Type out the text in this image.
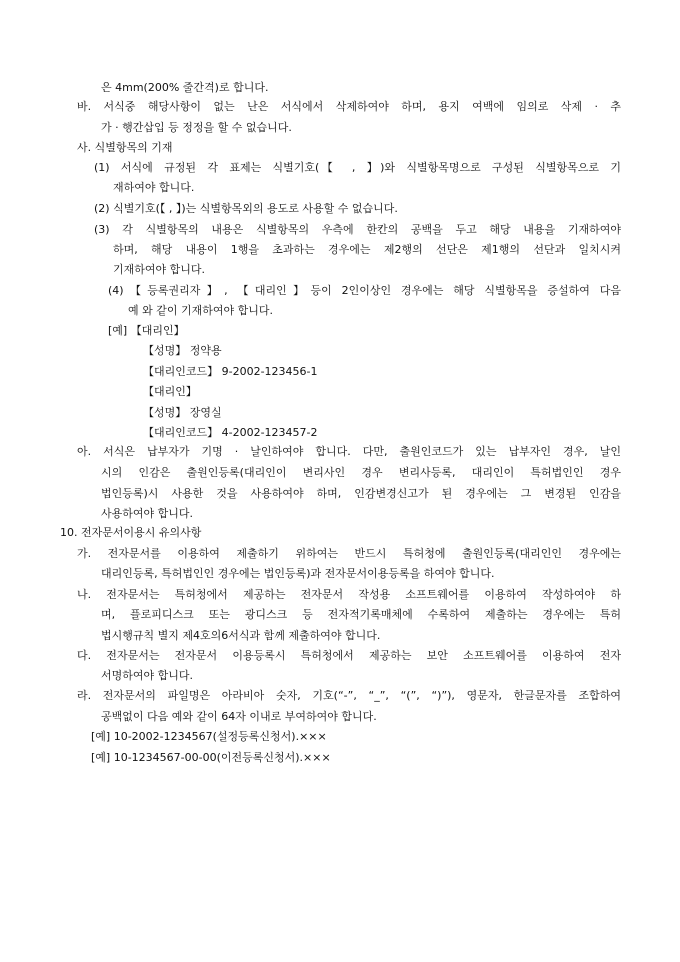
은 4mm(200% 줄간격)로 합니다.
바. 서식중 해당사항이 없는 난은 서식에서 삭제하여야 하며, 용지 여백에 임의로 삭제 · 추
가 · 행간삽입 등 정정을 할 수 없습니다.
사. 식별항목의 기재
(1) 서식에 규정된 각 표제는 식별기호(【 , 】)와 식별항목명으로 구성된 식별항목으로 기
재하여야 합니다.
(2) 식별기호(【 , 】)는 식별항목외의 용도로 사용할 수 없습니다.
(3) 각 식별항목의 내용은 식별항목의 우측에 한칸의 공백을 두고 해당 내용을 기재하여야
하며, 해당 내용이 1행을 초과하는 경우에는 제2행의 선단은 제1행의 선단과 일치시켜
기재하여야 합니다.
(4)【등록권리자】, 【대리인】등이 2인이상인 경우에는 해당 식별항목을 증설하여 다음
예 와 같이 기재하여야 합니다.
[예] 【대리인】
【성명】 정약용
【대리인코드】 9-2002-123456-1
【대리인】
【성명】 장영실
【대리인코드】 4-2002-123457-2
아. 서식은 납부자가 기명 · 날인하여야 합니다. 다만, 출원인코드가 있는 납부자인 경우, 날인
시의 인감은 출원인등록(대리인이 변리사인 경우 변리사등록, 대리인이 특허법인인 경우
법인등록)시 사용한 것을 사용하여야 하며, 인감변경신고가 된 경우에는 그 변경된 인감을
사용하여야 합니다.
10. 전자문서이용시 유의사항
가. 전자문서를 이용하여 제출하기 위하여는 반드시 특허청에 출원인등록(대리인인 경우에는
대리인등록, 특허법인인 경우에는 법인등록)과 전자문서이용등록을 하여야 합니다.
나. 전자문서는 특허청에서 제공하는 전자문서 작성용 소프트웨어를 이용하여 작성하여야 하
며, 플로피디스크 또는 광디스크 등 전자적기록매체에 수록하여 제출하는 경우에는 특허
법시행규칙 별지 제4호의6서식과 함께 제출하여야 합니다.
다. 전자문서는 전자문서 이용등록시 특허청에서 제공하는 보안 소프트웨어를 이용하여 전자
서명하여야 합니다.
라. 전자문서의 파일명은 아라비아 숫자, 기호(“-”, “_”, “(”, “)”), 영문자, 한글문자를 조합하여
공백없이 다음 예와 같이 64자 이내로 부여하여야 합니다.
[예] 10-2002-1234567(설정등록신청서).×××
[예] 10-1234567-00-00(이전등록신청서).×××
